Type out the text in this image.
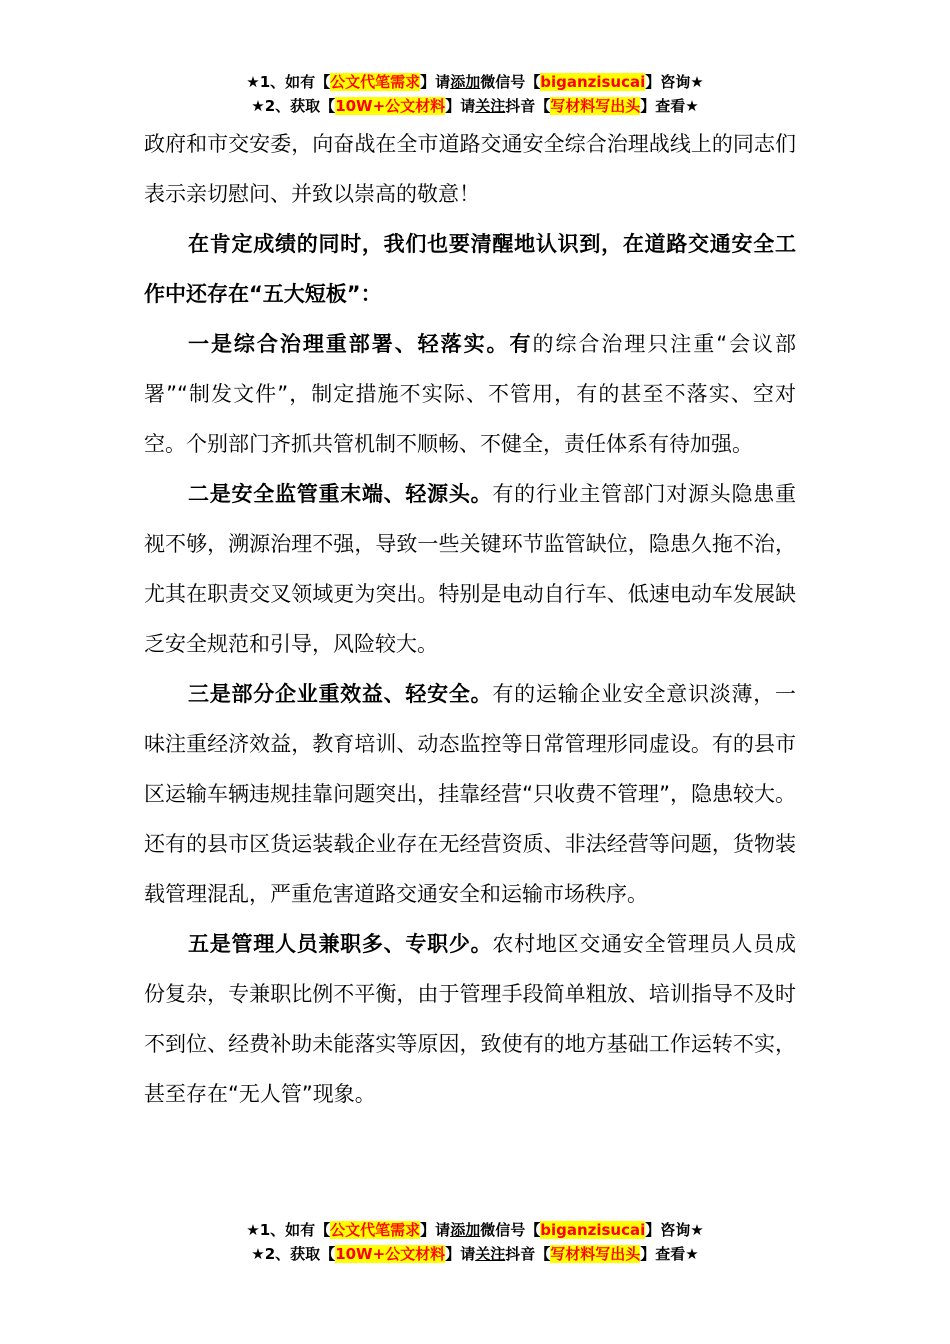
★1、如有【公文代笔需求】请添加微信号【biganzisucai】咨询★
★2、获取【10W+公文材料】请关注抖音【写材料写出头】查看★

政府和市交安委，向奋战在全市道路交通安全综合治理战线上的同志们表示亲切慰问、并致以崇高的敬意！

在肯定成绩的同时，我们也要清醒地认识到，在道路交通安全工作中还存在“五大短板”：

一是综合治理重部署、轻落实。有的综合治理只注重“会议部署”“制发文件”，制定措施不实际、不管用，有的甚至不落实、空对空。个别部门齐抓共管机制不顺畅、不健全，责任体系有待加强。

二是安全监管重末端、轻源头。有的行业主管部门对源头隐患重视不够，溯源治理不强，导致一些关键环节监管缺位，隐患久拖不治，尤其在职责交叉领域更为突出。特别是电动自行车、低速电动车发展缺乏安全规范和引导，风险较大。

三是部分企业重效益、轻安全。有的运输企业安全意识淡薄，一味注重经济效益，教育培训、动态监控等日常管理形同虚设。有的县市区运输车辆违规挂靠问题突出，挂靠经营“只收费不管理”，隐患较大。还有的县市区货运装载企业存在无经营资质、非法经营等问题，货物装载管理混乱，严重危害道路交通安全和运输市场秩序。

五是管理人员兼职多、专职少。农村地区交通安全管理员人员成份复杂，专兼职比例不平衡，由于管理手段简单粗放、培训指导不及时不到位、经费补助未能落实等原因，致使有的地方基础工作运转不实，甚至存在“无人管”现象。

★1、如有【公文代笔需求】请添加微信号【biganzisucai】咨询★
★2、获取【10W+公文材料】请关注抖音【写材料写出头】查看★
